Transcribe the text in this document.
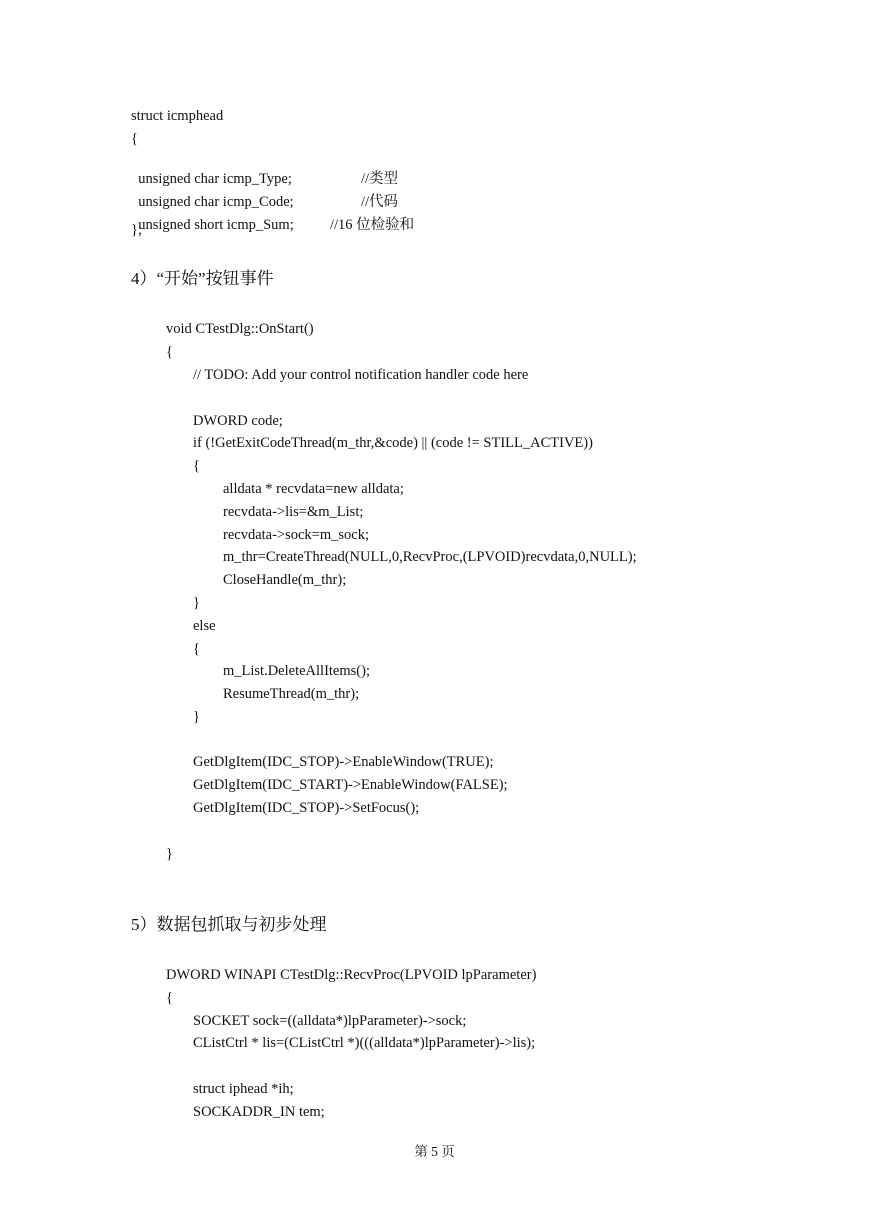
struct icmphead
{

unsigned char icmp_Type;	//类型

unsigned char icmp_Code;	//代码

unsigned short icmp_Sum;	//16 位检验和

};
4）“开始”按钮事件
void CTestDlg::OnStart()
{
// TODO: Add your control notification handler code here
DWORD code;
if (!GetExitCodeThread(m_thr,&code) || (code != STILL_ACTIVE))
{
alldata * recvdata=new alldata;
recvdata->lis=&m_List;
recvdata->sock=m_sock;
m_thr=CreateThread(NULL,0,RecvProc,(LPVOID)recvdata,0,NULL);
CloseHandle(m_thr);
}
else
{
m_List.DeleteAllItems();
ResumeThread(m_thr);
}
GetDlgItem(IDC_STOP)->EnableWindow(TRUE);
GetDlgItem(IDC_START)->EnableWindow(FALSE);
GetDlgItem(IDC_STOP)->SetFocus();
}
5）数据包抓取与初步处理
DWORD WINAPI CTestDlg::RecvProc(LPVOID lpParameter)
{
SOCKET sock=((alldata*)lpParameter)->sock;
CListCtrl * lis=(CListCtrl *)(((alldata*)lpParameter)->lis);
struct iphead *ih;
SOCKADDR_IN tem;
第 5 页
